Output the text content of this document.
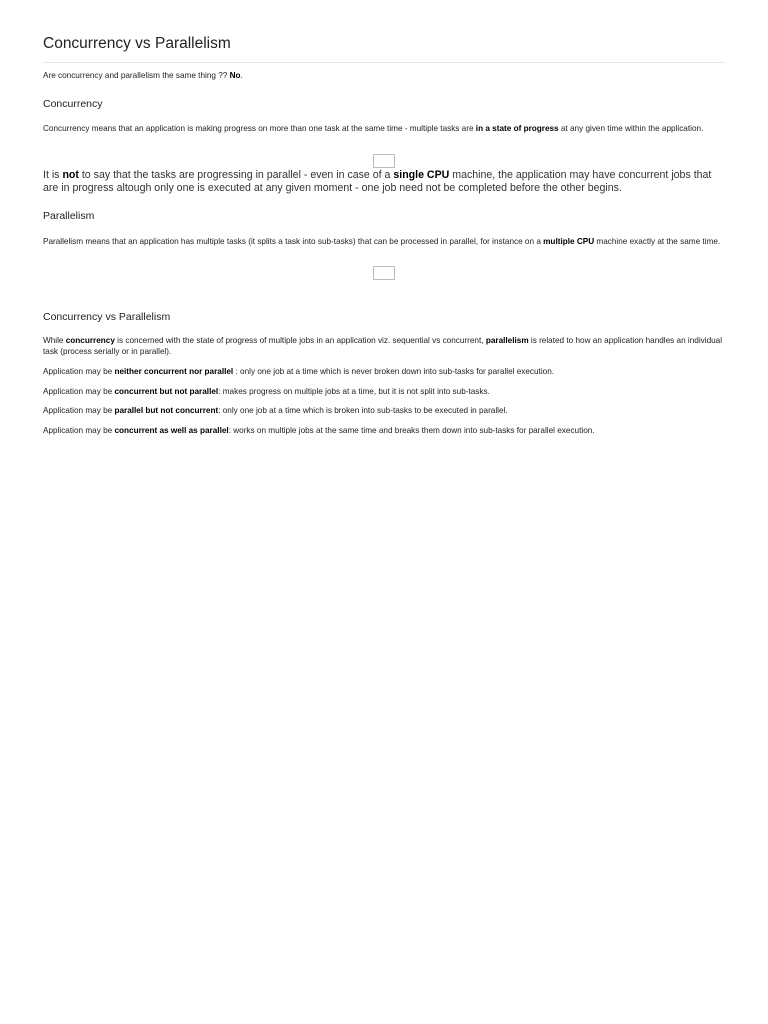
Concurrency vs Parallelism

Are concurrency and parallelism the same thing ?? No.

Concurrency

Concurrency means that an application is making progress on more than one task at the same time - multiple tasks are in a state of progress at any given time within the application.

It is not to say that the tasks are progressing in parallel - even in case of a single CPU machine, the application may have concurrent jobs that are in progress altough only one is executed at any given moment - one job need not be completed before the other begins.

Parallelism

Parallelism means that an application has multiple tasks (it splits a task into sub-tasks) that can be processed in parallel, for instance on a multiple CPU machine exactly at the same time.

Concurrency vs Parallelism

While concurrency is concerned with the state of progress of multiple jobs in an application viz. sequential vs concurrent, parallelism is related to how an application handles an individual task (process serially or in parallel).

Application may be neither concurrent nor parallel : only one job at a time which is never broken down into sub-tasks for parallel execution.

Application may be concurrent but not parallel: makes progress on multiple jobs at a time, but it is not split into sub-tasks.

Application may be parallel but not concurrent: only one job at a time which is broken into sub-tasks to be executed in parallel.

Application may be concurrent as well as parallel: works on multiple jobs at the same time and breaks them down into sub-tasks for parallel execution.
